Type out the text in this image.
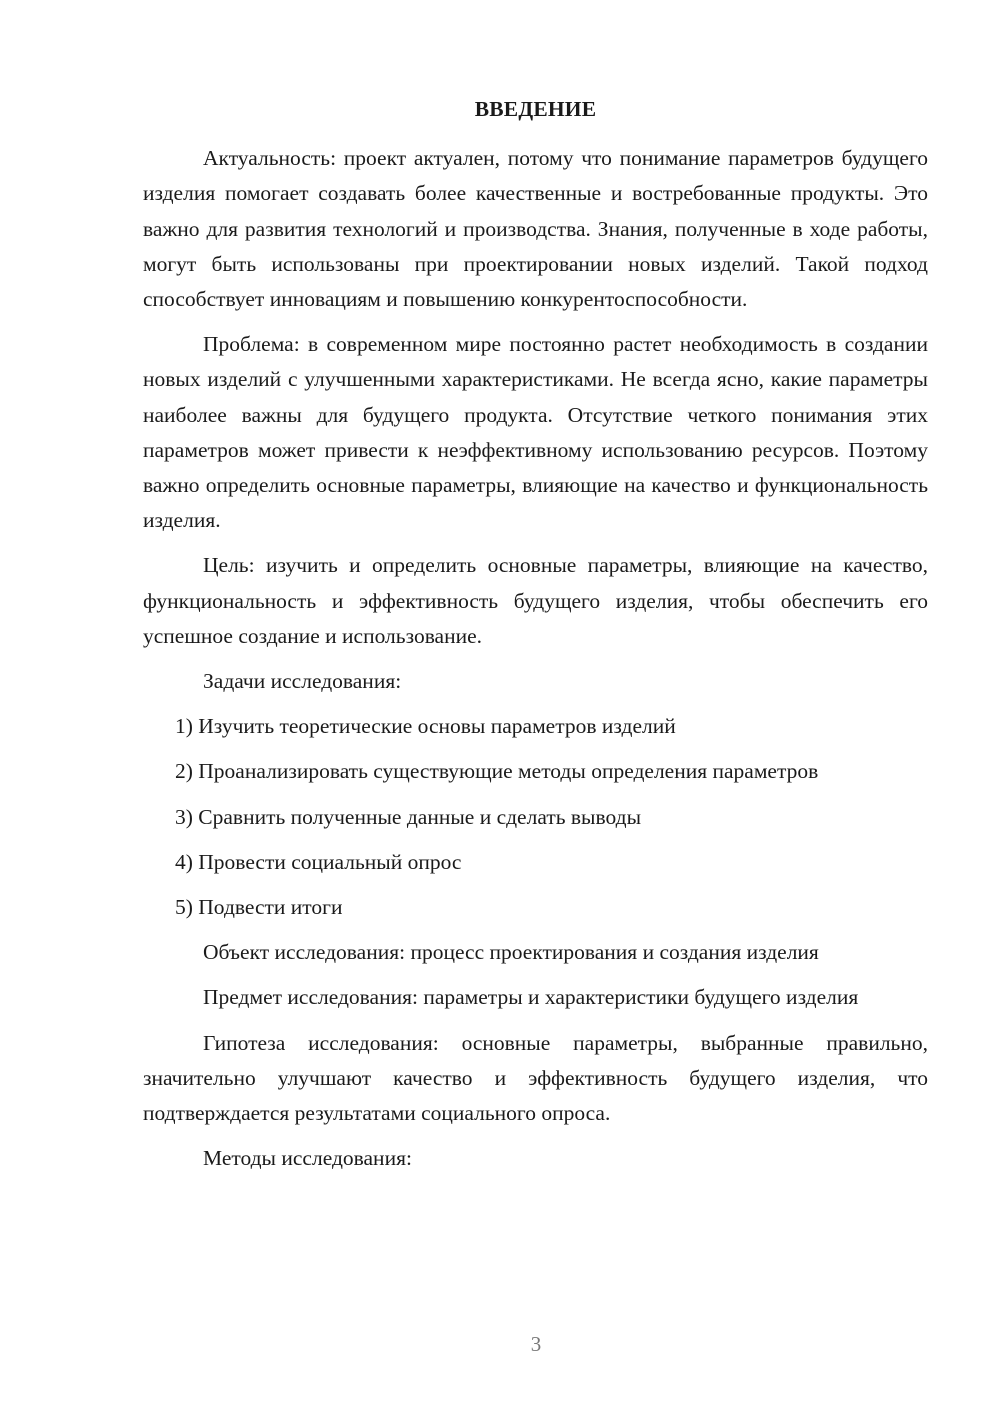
ВВЕДЕНИЕ

Актуальность: проект актуален, потому что понимание параметров будущего изделия помогает создавать более качественные и востребованные продукты. Это важно для развития технологий и производства. Знания, полученные в ходе работы, могут быть использованы при проектировании новых изделий. Такой подход способствует инновациям и повышению конкурентоспособности.

Проблема: в современном мире постоянно растет необходимость в создании новых изделий с улучшенными характеристиками. Не всегда ясно, какие параметры наиболее важны для будущего продукта. Отсутствие четкого понимания этих параметров может привести к неэффективному использованию ресурсов. Поэтому важно определить основные параметры, влияющие на качество и функциональность изделия.

Цель: изучить и определить основные параметры, влияющие на качество, функциональность и эффективность будущего изделия, чтобы обеспечить его успешное создание и использование.

Задачи исследования:

1) Изучить теоретические основы параметров изделий
2) Проанализировать существующие методы определения параметров
3) Сравнить полученные данные и сделать выводы
4) Провести социальный опрос
5) Подвести итоги

Объект исследования: процесс проектирования и создания изделия

Предмет исследования: параметры и характеристики будущего изделия

Гипотеза исследования: основные параметры, выбранные правильно, значительно улучшают качество и эффективность будущего изделия, что подтверждается результатами социального опроса.

Методы исследования:

3
